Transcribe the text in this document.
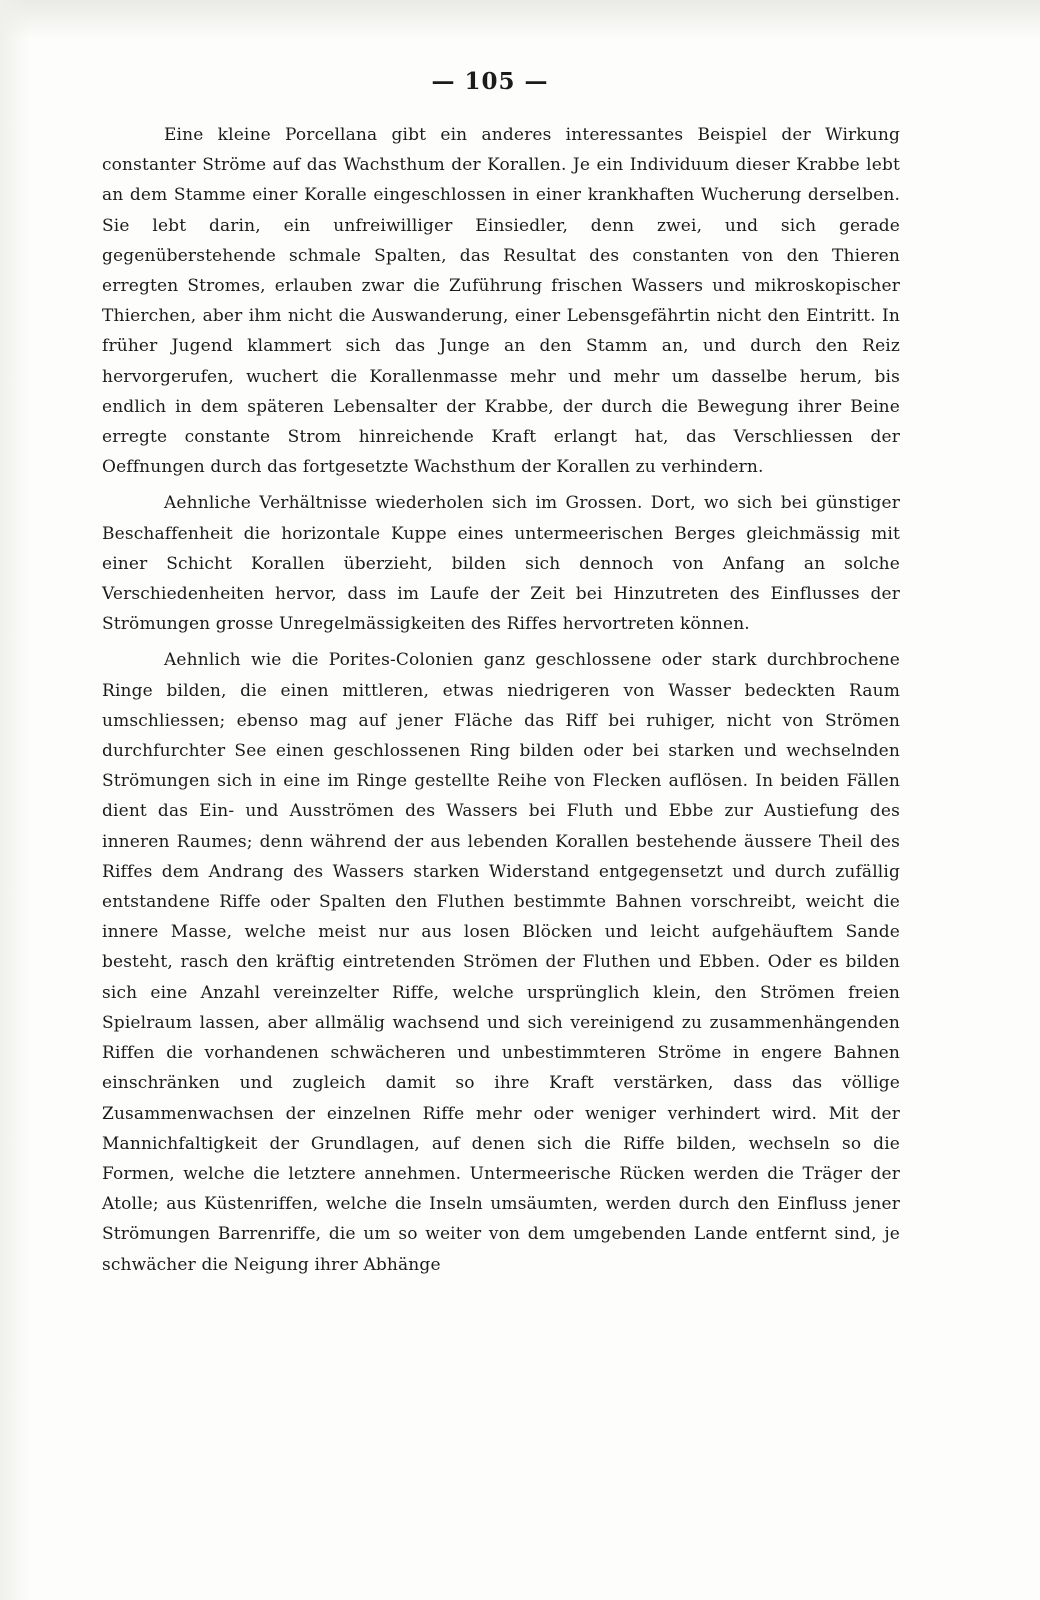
— 105 —

Eine kleine Porcellana gibt ein anderes interessantes Beispiel der Wirkung constanter Ströme auf das Wachsthum der Korallen. Je ein Individuum dieser Krabbe lebt an dem Stamme einer Koralle eingeschlossen in einer krankhaften Wucherung derselben. Sie lebt darin, ein unfreiwilliger Einsiedler, denn zwei, und sich gerade gegenüberstehende schmale Spalten, das Resultat des constanten von den Thieren erregten Stromes, erlauben zwar die Zuführung frischen Wassers und mikroskopischer Thierchen, aber ihm nicht die Auswanderung, einer Lebensgefährtin nicht den Eintritt. In früher Jugend klammert sich das Junge an den Stamm an, und durch den Reiz hervorgerufen, wuchert die Korallenmasse mehr und mehr um dasselbe herum, bis endlich in dem späteren Lebensalter der Krabbe, der durch die Bewegung ihrer Beine erregte constante Strom hinreichende Kraft erlangt hat, das Verschliessen der Oeffnungen durch das fortgesetzte Wachsthum der Korallen zu verhindern.

Aehnliche Verhältnisse wiederholen sich im Grossen. Dort, wo sich bei günstiger Beschaffenheit die horizontale Kuppe eines untermeerischen Berges gleichmässig mit einer Schicht Korallen überzieht, bilden sich dennoch von Anfang an solche Verschiedenheiten hervor, dass im Laufe der Zeit bei Hinzutreten des Einflusses der Strömungen grosse Unregelmässigkeiten des Riffes hervortreten können.

Aehnlich wie die Porites-Colonien ganz geschlossene oder stark durchbrochene Ringe bilden, die einen mittleren, etwas niedrigeren von Wasser bedeckten Raum umschliessen; ebenso mag auf jener Fläche das Riff bei ruhiger, nicht von Strömen durchfurchter See einen geschlossenen Ring bilden oder bei starken und wechselnden Strömungen sich in eine im Ringe gestellte Reihe von Flecken auflösen. In beiden Fällen dient das Ein- und Ausströmen des Wassers bei Fluth und Ebbe zur Austiefung des inneren Raumes; denn während der aus lebenden Korallen bestehende äussere Theil des Riffes dem Andrang des Wassers starken Widerstand entgegensetzt und durch zufällig entstandene Riffe oder Spalten den Fluthen bestimmte Bahnen vorschreibt, weicht die innere Masse, welche meist nur aus losen Blöcken und leicht aufgehäuftem Sande besteht, rasch den kräftig eintretenden Strömen der Fluthen und Ebben. Oder es bilden sich eine Anzahl vereinzelter Riffe, welche ursprünglich klein, den Strömen freien Spielraum lassen, aber allmälig wachsend und sich vereinigend zu zusammenhängenden Riffen die vorhandenen schwächeren und unbestimmteren Ströme in engere Bahnen einschränken und zugleich damit so ihre Kraft verstärken, dass das völlige Zusammenwachsen der einzelnen Riffe mehr oder weniger verhindert wird. Mit der Mannichfaltigkeit der Grundlagen, auf denen sich die Riffe bilden, wechseln so die Formen, welche die letztere annehmen. Untermeerische Rücken werden die Träger der Atolle; aus Küstenriffen, welche die Inseln umsäumten, werden durch den Einfluss jener Strömungen Barrenriffe, die um so weiter von dem umgebenden Lande entfernt sind, je schwächer die Neigung ihrer Abhänge
